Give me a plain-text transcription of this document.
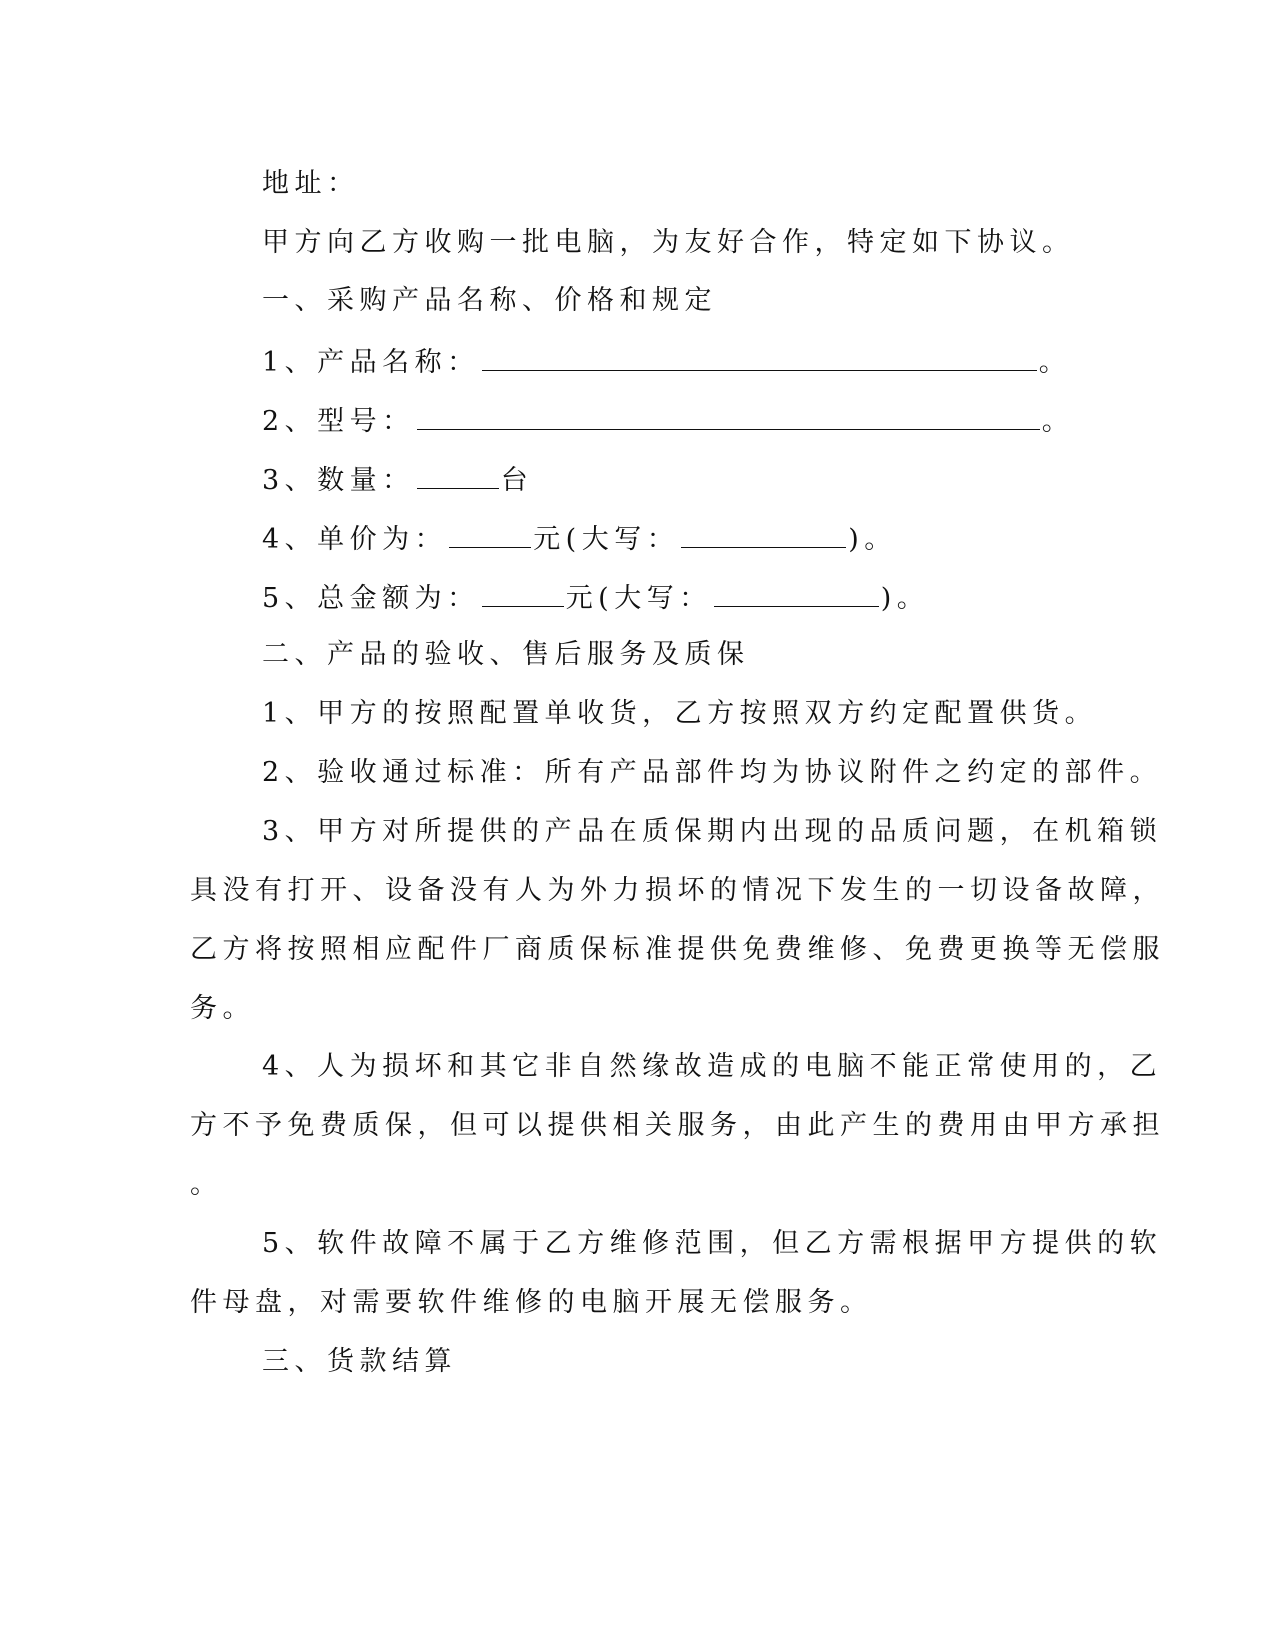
地址：
甲方向乙方收购一批电脑，为友好合作，特定如下协议。
一、采购产品名称、价格和规定
1、产品名称：	。
2、型号：	。
3、数量：	台
4、单价为：	元(大写：	)。
5、总金额为：	元(大写：	)。
二、产品的验收、售后服务及质保
1、甲方的按照配置单收货，乙方按照双方约定配置供货。
2、验收通过标准：所有产品部件均为协议附件之约定的部件。
3、甲方对所提供的产品在质保期内出现的品质问题，在机箱锁
具没有打开、设备没有人为外力损坏的情况下发生的一切设备故障，
乙方将按照相应配件厂商质保标准提供免费维修、免费更换等无偿服
务。
4、人为损坏和其它非自然缘故造成的电脑不能正常使用的，乙
方不予免费质保，但可以提供相关服务，由此产生的费用由甲方承担
。
5、软件故障不属于乙方维修范围，但乙方需根据甲方提供的软
件母盘，对需要软件维修的电脑开展无偿服务。
三、货款结算
